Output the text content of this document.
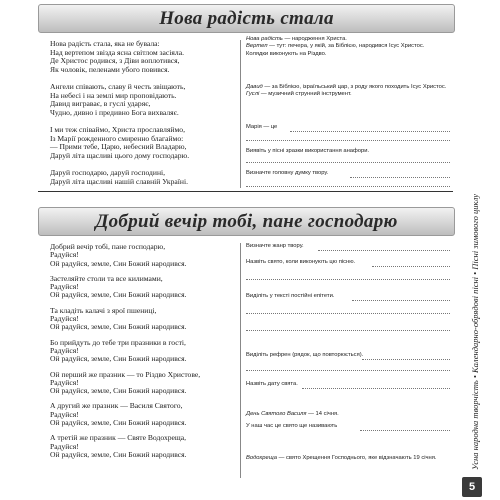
Нова радість стала
Нова радість стала, яка не бувала:
Над вертепом звізда ясна світлом засіяла.
Де Христос родився, з Діви воплотився,
Як чоловік, пеленами убого повився.
Ангели співають, славу й честь звіщають,
На небесі і на землі мир проповідають.
Давид виграває, в гуслі ударяє,
Чудно, дивно і предивно Бога вихваляє.
І ми теж співаймо, Христа прославляймо,
Із Марії рожденного смиренно благаймо:
— Прими тебе, Царю, небесний Владарю,
Даруй літа щасливі цього дому господарю.
Даруй господарю, даруй господині,
Даруй літа щасливі нашій славній Україні.
Нова радість — народження Христа.
Вертеп — тут: печера, у якій, за Біблією, народився Ісус Христос.
Колядки виконують на Різдво.
Давид — за Біблією, ізраїльський цар, з роду якого походить Ісус Христос.
Гуслі — музичний струнний інструмент.
Марія — це
Виявіть у пісні зразки використання анафори.
Визначте головну думку твору.
Добрий вечір тобі, пане господарю
Добрий вечір тобі, пане господарю,
Радуйся!
Ой радуйся, земле, Син Божий народився.
Застеляйте столи та все килимами,
Радуйся!
Ой радуйся, земле, Син Божий народився.
Та кладіть калачі з ярої пшениці,
Радуйся!
Ой радуйся, земле, Син Божий народився.
Бо прийдуть до тебе три празники в гості,
Радуйся!
Ой радуйся, земле, Син Божий народився.
Ой перший же празник — то Різдво Христове,
Радуйся!
Ой радуйся, земле, Син Божий народився.
А другий же празник — Василя Святого,
Радуйся!
Ой радуйся, земле, Син Божий народився.
А третій же празник — Святе Водохреща,
Радуйся!
Ой радуйся, земле, Син Божий народився.
Визначте жанр твору.
Назвіть свято, коли виконують цю пісню.
Виділіть у тексті постійні епітети.
Виділіть рефрен (рядок, що повторюється).
Назвіть дату свята.
День Святого Василя — 14 січня.
У наш час це свято ще називають
Водохреща — свято Хрещення Господнього, яке відзначають 19 січня.	Уснa народна творчість • Календарно-обрядові пісні • Пісні зимового циклу
5
